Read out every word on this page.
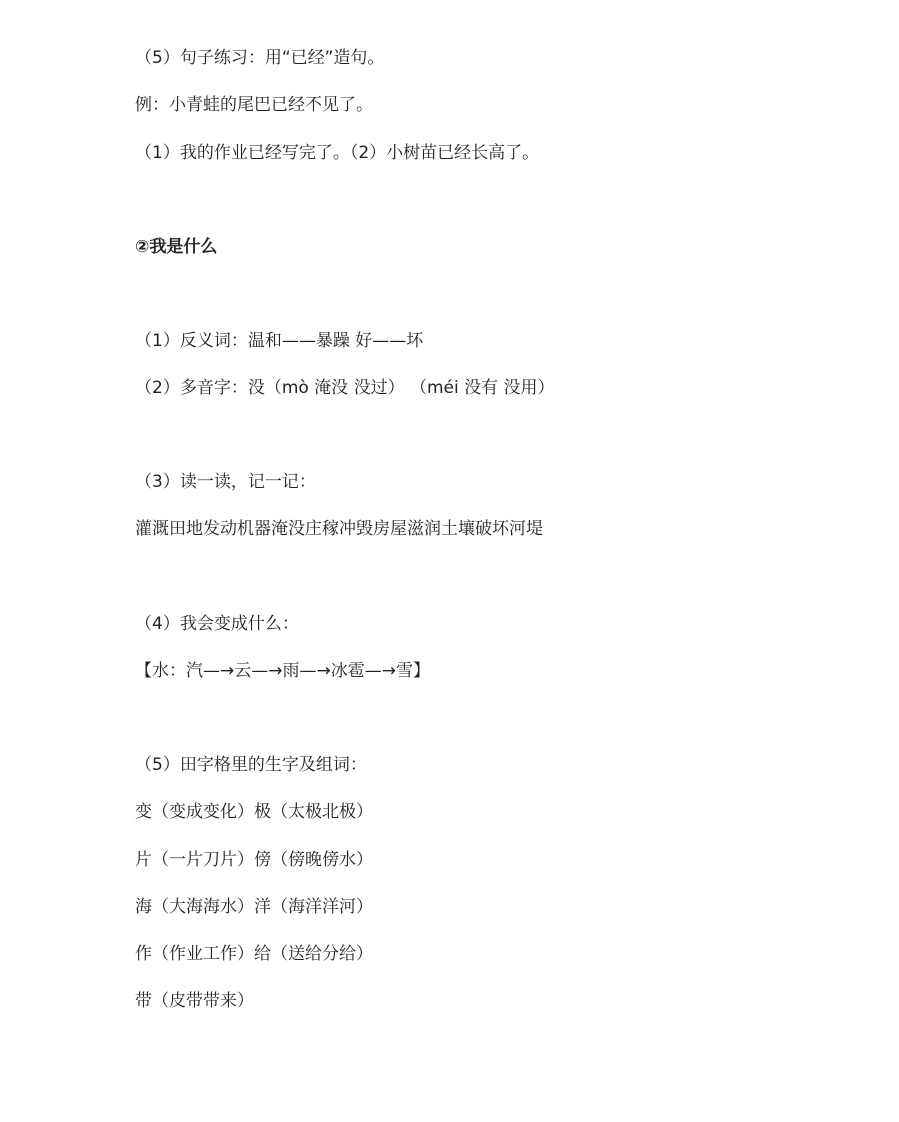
（5）句子练习：用“已经”造句。
例：小青蛙的尾巴已经不见了。
（1）我的作业已经写完了。（2）小树苗已经长高了。
②我是什么
（1）反义词：温和——暴躁 好——坏
（2）多音字：没（mò 淹没 没过） （méi 没有 没用）
（3）读一读，记一记：
灌溉田地发动机器淹没庄稼冲毁房屋滋润土壤破坏河堤
（4）我会变成什么：
【水：汽—→云—→雨—→冰雹—→雪】
（5）田字格里的生字及组词：
变（变成变化）极（太极北极）
片（一片刀片）傍（傍晚傍水）
海（大海海水）洋（海洋洋河）
作（作业工作）给（送给分给）
带（皮带带来）
